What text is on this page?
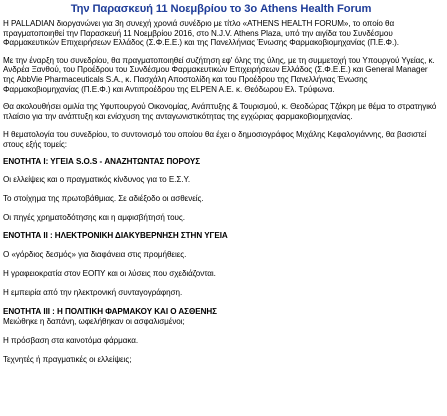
Την Παρασκευή 11 Νοεμβρίου το 3ο Athens Health Forum

Η PALLADIAN διοργανώνει για 3η συνεχή χρονιά συνέδριο με τίτλο «ATHENS HEALTH FORUM», το οποίο θα πραγματοποιηθεί την Παρασκευή 11 Νοεμβρίου 2016, στο N.J.V. Athens Plaza, υπό την αιγίδα του Συνδέσμου Φαρμακευτικών Επιχειρήσεων Ελλάδος (Σ.Φ.Ε.Ε.) και της Πανελλήνιας Ένωσης Φαρμακοβιομηχανίας (Π.Ε.Φ.).

Με την έναρξη του συνεδρίου, θα πραγματοποιηθεί συζήτηση εφ' όλης της ύλης, με τη συμμετοχή του Υπουργού Υγείας, κ. Ανδρέα Ξανθού, του Προέδρου του Συνδέσμου Φαρμακευτικών Επιχειρήσεων Ελλάδος (Σ.Φ.Ε.Ε.) και General Manager της AbbVie Pharmaceuticals S.A., κ. Πασχάλη Αποστολίδη και του Προέδρου της Πανελλήνιας Ένωσης Φαρμακοβιομηχανίας (Π.Ε.Φ.) και Αντιπροέδρου της ELPEN A.E. κ. Θεόδωρου Ελ. Τρύφωνα.

Θα ακολουθήσει ομιλία της Υφυπουργού Οικονομίας, Ανάπτυξης & Τουρισμού, κ. Θεοδώρας Τζάκρη με θέμα το στρατηγικό πλαίσιο για την ανάπτυξη και ενίσχυση της ανταγωνιστικότητας της εγχώριας φαρμακοβιομηχανίας.

Η θεματολογία του συνεδρίου, το συντονισμό του οποίου θα έχει ο δημοσιογράφος Μιχάλης Κεφαλογιάννης, θα βασιστεί στους εξής τομείς:

ΕΝΟΤΗΤΑ Ι: ΥΓΕΙΑ S.O.S - ΑΝΑΖΗΤΩΝΤΑΣ ΠΟΡΟΥΣ

Οι ελλείψεις και ο πραγματικός κίνδυνος για το Ε.Σ.Υ.

Το στοίχημα της πρωτοβάθμιας. Σε αδιέξοδο οι ασθενείς.

Οι πηγές χρηματοδότησης και η αμφισβήτησή τους.

ΕΝΟΤΗΤΑ ΙΙ : ΗΛΕΚΤΡΟΝΙΚΗ ΔΙΑΚΥΒΕΡΝΗΣΗ ΣΤΗΝ ΥΓΕΙΑ

Ο «γόρδιος δεσμός» για διαφάνεια στις προμήθειες.

Η γραφειοκρατία στον ΕΟΠΥ και οι λύσεις που σχεδιάζονται.

Η εμπειρία από την ηλεκτρονική συνταγογράφηση.

ΕΝΟΤΗΤΑ ΙΙΙ : Η ΠΟΛΙΤΙΚΗ ΦΑΡΜΑΚΟΥ ΚΑΙ Ο ΑΣΘΕΝΗΣ

Μειώθηκε η δαπάνη, ωφελήθηκαν οι ασφαλισμένοι;

Η πρόσβαση στα καινοτόμα φάρμακα.

Τεχνητές ή πραγματικές οι ελλείψεις;
